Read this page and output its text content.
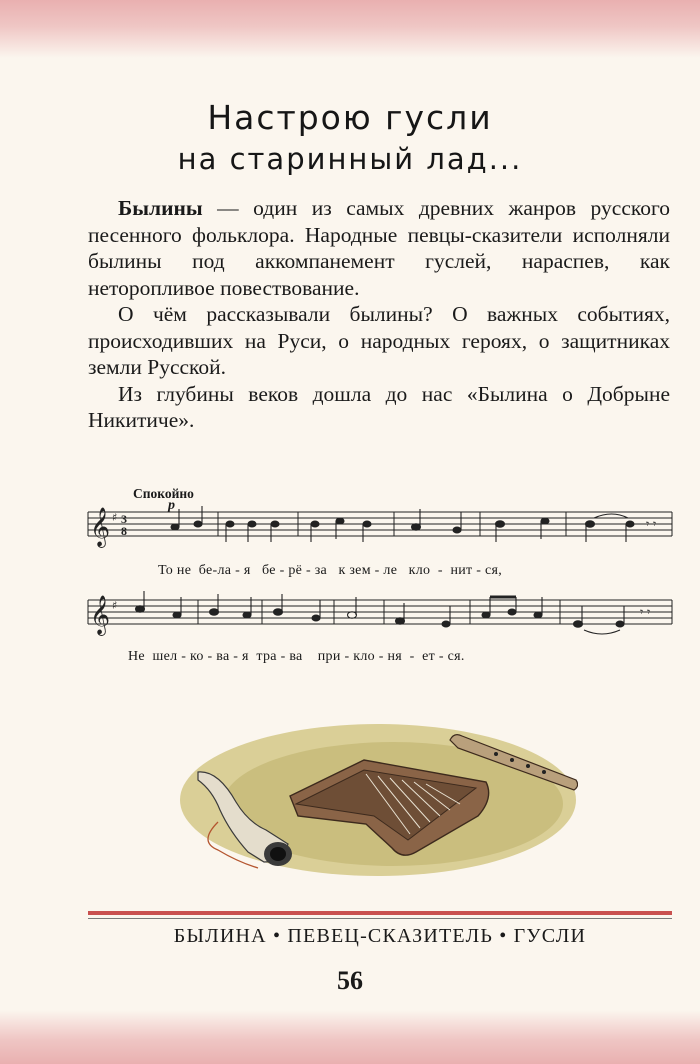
Настрою гусли
на старинный лад...

Былины — один из самых древних жанров русского песенного фольклора. Народные певцы-сказители исполняли былины под аккомпанемент гуслей, нараспев, как неторопливое повествование.

О чём рассказывали былины? О важных событиях, происходивших на Руси, о народных героях, о защитниках земли Русской.

Из глубины веков дошла до нас «Былина о Добрыне Никитиче».

Спокойно
p
𝄞 ♯ 3
8	𝄾 𝄾
𝄞 ♯	𝄾 𝄾
То не  бе-ла - я   бе - рё - за   к зем - ле   кло  -  нит - ся,
Не  шел - ко - ва - я  тра - ва    при - кло - ня  -  ет - ся.
БЫЛИНА • ПЕВЕЦ-СКАЗИТЕЛЬ • ГУСЛИ
56
